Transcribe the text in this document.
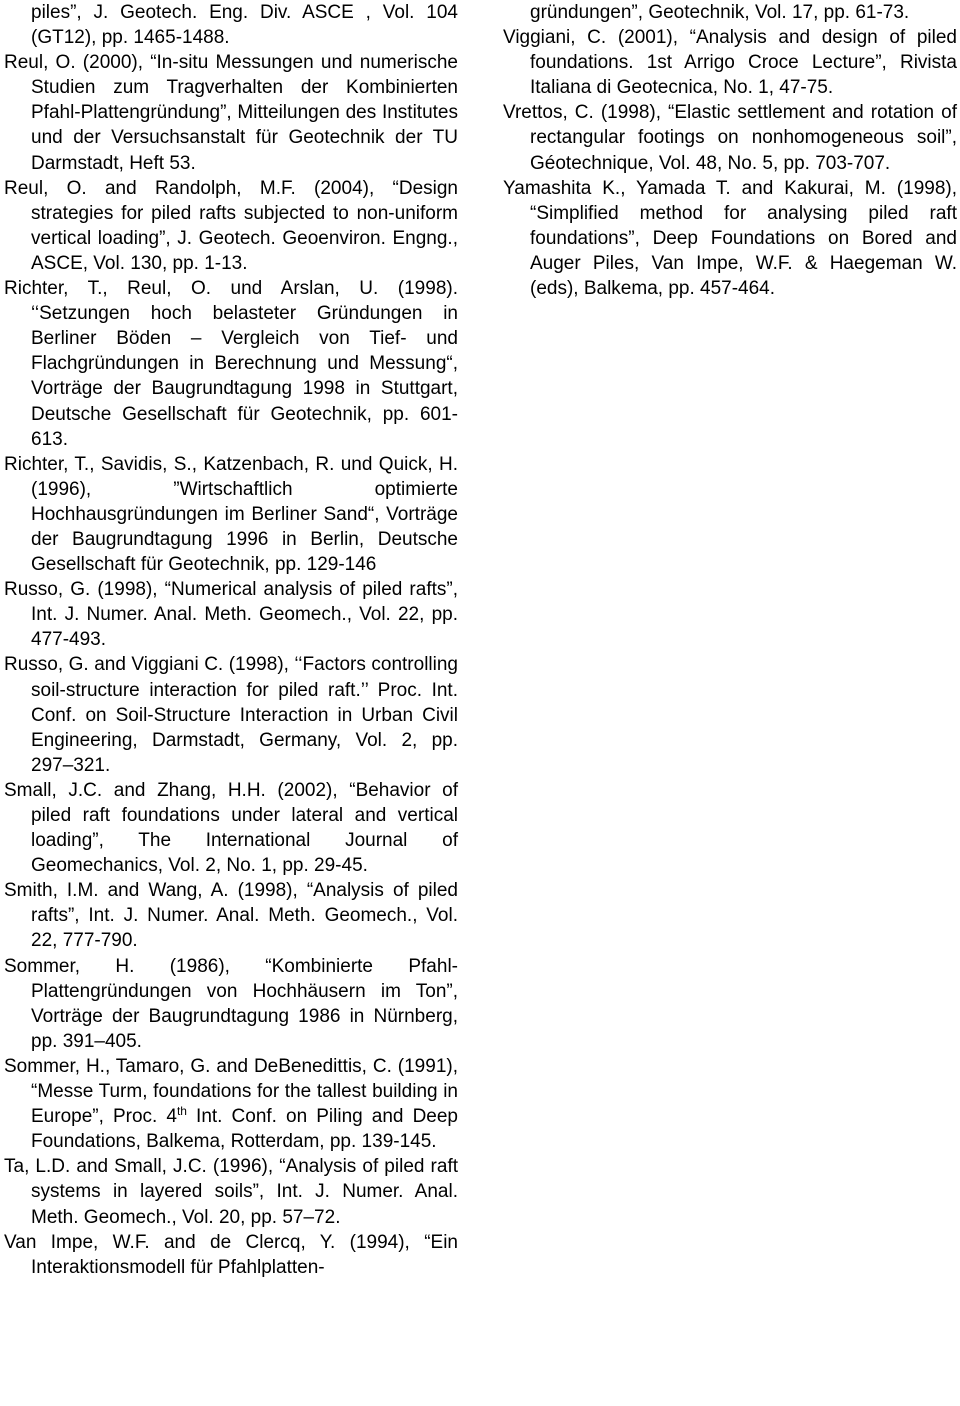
piles”, J. Geotech. Eng. Div. ASCE , Vol. 104 (GT12), pp. 1465-1488.

Reul, O. (2000), “In-situ Messungen und numerische Studien zum Tragverhalten der Kombinierten Pfahl-Plattengründung”, Mitteilungen des Institutes und der Versuchsanstalt für Geotechnik der TU Darmstadt, Heft 53.

Reul, O. and Randolph, M.F. (2004), “Design strategies for piled rafts subjected to non-uniform vertical loading”, J. Geotech. Geoenviron. Engng., ASCE, Vol. 130, pp. 1-13.

Richter, T., Reul, O. und Arslan, U. (1998). ‘‘Setzungen hoch belasteter Gründungen in Berliner Böden – Vergleich von Tief- und Flachgründungen in Berechnung und Messung“, Vorträge der Baugrundtagung 1998 in Stuttgart, Deutsche Gesellschaft für Geotechnik, pp. 601-613.

Richter, T., Savidis, S., Katzenbach, R. und Quick, H. (1996), ”Wirtschaftlich optimierte Hochhausgründungen im Berliner Sand“, Vorträge der Baugrundtagung 1996 in Berlin, Deutsche Gesellschaft für Geotechnik, pp. 129-146

Russo, G. (1998), “Numerical analysis of piled rafts”, Int. J. Numer. Anal. Meth. Geomech., Vol. 22, pp. 477-493.

Russo, G. and Viggiani C. (1998), ‘‘Factors controlling soil-structure interaction for piled raft.’’ Proc. Int. Conf. on Soil-Structure Interaction in Urban Civil Engineering, Darmstadt, Germany, Vol. 2, pp. 297–321.

Small, J.C. and Zhang, H.H. (2002), “Behavior of piled raft foundations under lateral and vertical loading”, The International Journal of Geomechanics, Vol. 2, No. 1, pp. 29-45.

Smith, I.M. and Wang, A. (1998), “Analysis of piled rafts”, Int. J. Numer. Anal. Meth. Geomech., Vol. 22, 777-790.

Sommer, H. (1986), “Kombinierte Pfahl-Plattengründungen von Hochhäusern im Ton”, Vorträge der Baugrundtagung 1986 in Nürnberg, pp. 391–405.

Sommer, H., Tamaro, G. and DeBenedittis, C. (1991), “Messe Turm, foundations for the tallest building in Europe”, Proc. 4th Int. Conf. on Piling and Deep Foundations, Balkema, Rotterdam, pp. 139-145.

Ta, L.D. and Small, J.C. (1996), “Analysis of piled raft systems in layered soils”, Int. J. Numer. Anal. Meth. Geomech., Vol. 20, pp. 57–72.

Van Impe, W.F. and de Clercq, Y. (1994), “Ein Interaktionsmodell für Pfahlplatten-

gründungen”, Geotechnik, Vol. 17, pp. 61-73.

Viggiani, C. (2001), “Analysis and design of piled foundations. 1st Arrigo Croce Lecture”, Rivista Italiana di Geotecnica, No. 1, 47-75.

Vrettos, C. (1998), “Elastic settlement and rotation of rectangular footings on nonhomogeneous soil”, Géotechnique, Vol. 48, No. 5, pp. 703-707.

Yamashita K., Yamada T. and Kakurai, M. (1998), “Simplified method for analysing piled raft foundations”, Deep Foundations on Bored and Auger Piles, Van Impe, W.F. & Haegeman W. (eds), Balkema, pp. 457-464.
